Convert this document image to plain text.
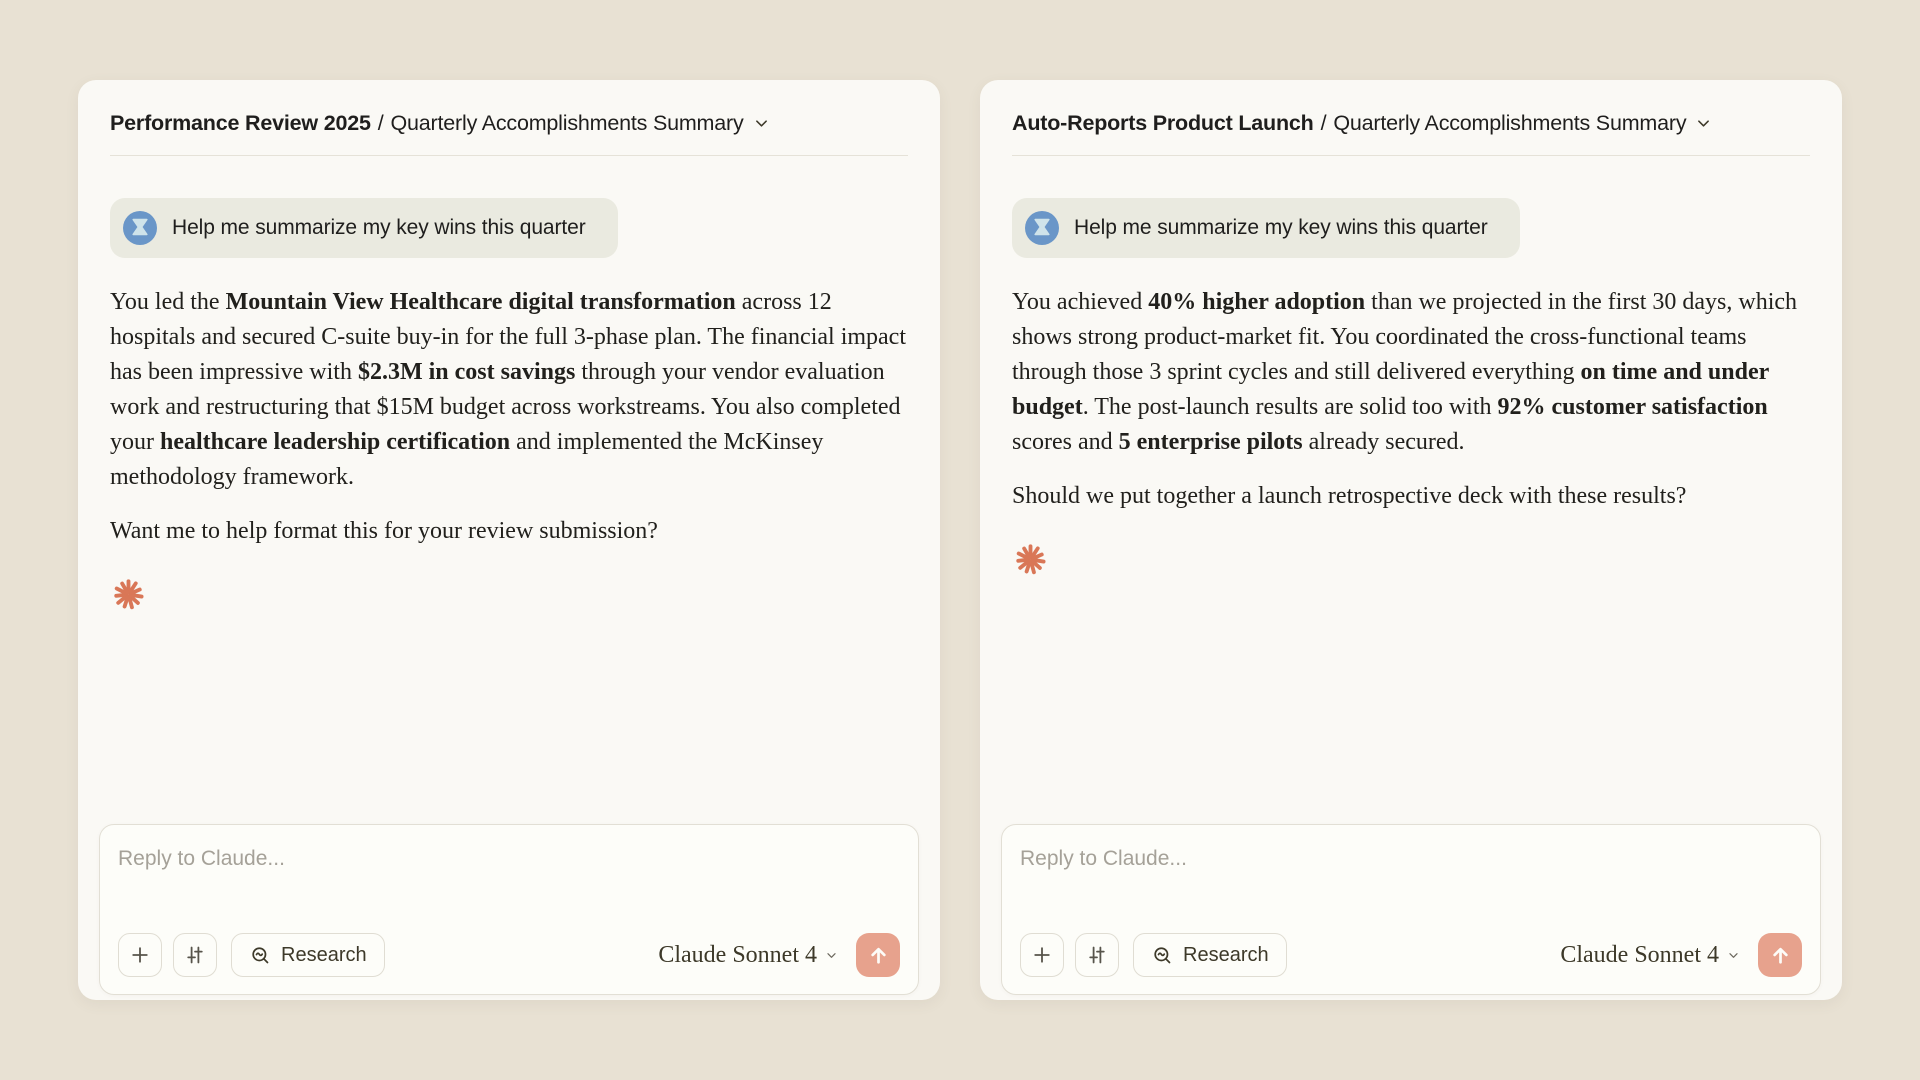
Performance Review 2025 / Quarterly Accomplishments Summary
Help me summarize my key wins this quarter

You led the Mountain View Healthcare digital transformation across 12 hospitals and secured C-suite buy-in for the full 3-phase plan. The financial impact has been impressive with $2.3M in cost savings through your vendor evaluation work and restructuring that $15M budget across workstreams. You also completed your healthcare leadership certification and implemented the McKinsey methodology framework.

Want me to help format this for your review submission?

Reply to Claude...
Research	Claude Sonnet 4
Auto-Reports Product Launch / Quarterly Accomplishments Summary
Help me summarize my key wins this quarter

You achieved 40% higher adoption than we projected in the first 30 days, which shows strong product-market fit. You coordinated the cross-functional teams through those 3 sprint cycles and still delivered everything on time and under budget. The post-launch results are solid too with 92% customer satisfaction scores and 5 enterprise pilots already secured.

Should we put together a launch retrospective deck with these results?

Reply to Claude...
Research	Claude Sonnet 4
